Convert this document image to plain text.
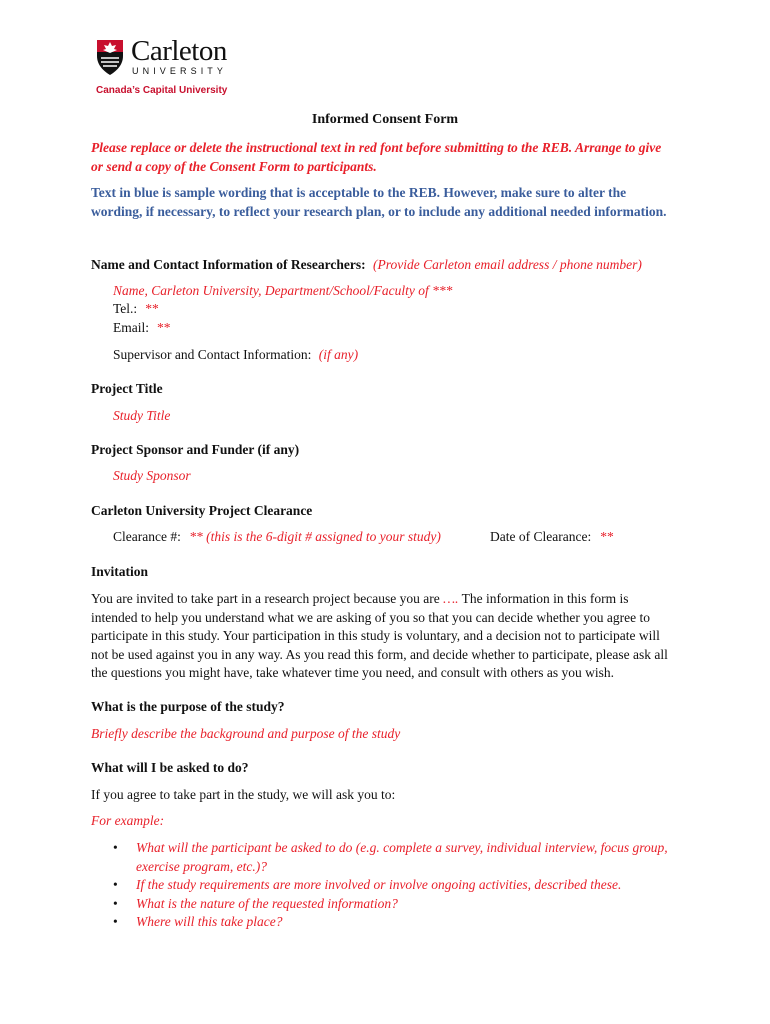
Carleton
UNIVERSITY
Canada’s Capital University
Informed Consent Form
Please replace or delete the instructional text in red font before submitting to the REB. Arrange to give or send a copy of the Consent Form to participants.
Text in blue is sample wording that is acceptable to the REB. However, make sure to alter the wording, if necessary, to reflect your research plan, or to include any additional needed information.
Name and Contact Information of Researchers: (Provide Carleton email address / phone number)
Name, Carleton University, Department/School/Faculty of ***
Tel.: **
Email: **
Supervisor and Contact Information: (if any)
Project Title
Study Title
Project Sponsor and Funder (if any)
Study Sponsor
Carleton University Project Clearance
Clearance #: ** (this is the 6-digit # assigned to your study)	Date of Clearance: **
Invitation
You are invited to take part in a research project because you are …. The information in this form is intended to help you understand what we are asking of you so that you can decide whether you agree to participate in this study. Your participation in this study is voluntary, and a decision not to participate will not be used against you in any way. As you read this form, and decide whether to participate, please ask all the questions you might have, take whatever time you need, and consult with others as you wish.
What is the purpose of the study?
Briefly describe the background and purpose of the study
What will I be asked to do?
If you agree to take part in the study, we will ask you to:
For example:
• What will the participant be asked to do (e.g. complete a survey, individual interview, focus group, exercise program, etc.)?
• If the study requirements are more involved or involve ongoing activities, described these.
• What is the nature of the requested information?
• Where will this take place?
